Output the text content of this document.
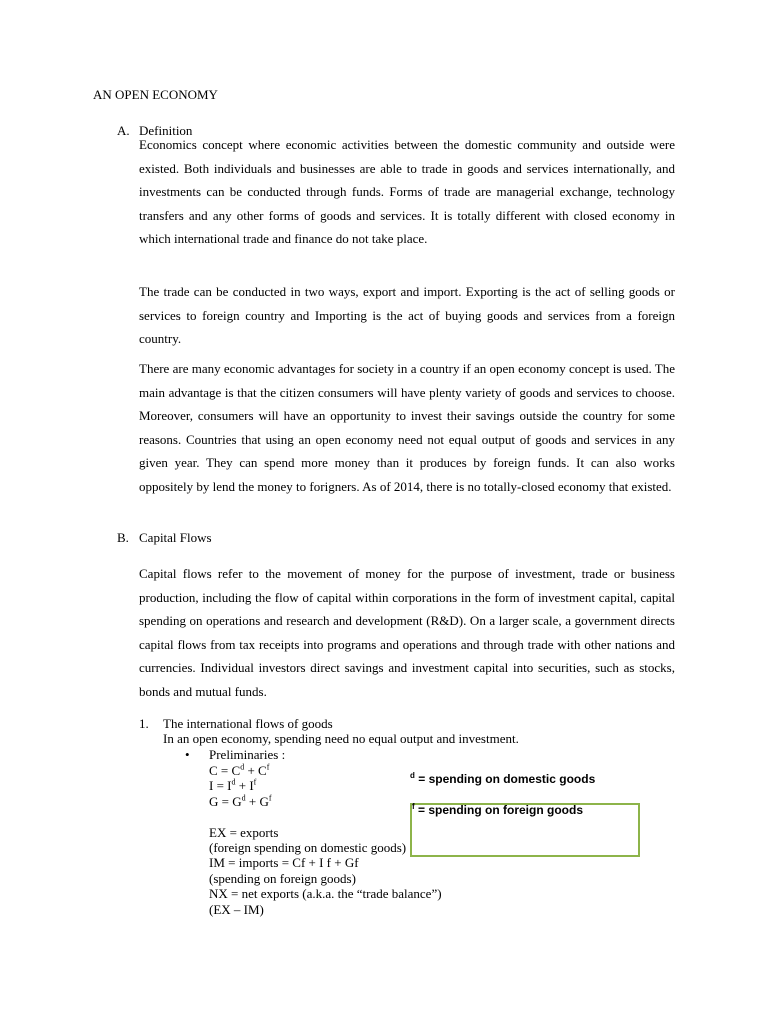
AN OPEN ECONOMY
A. Definition
Economics concept where economic activities between the domestic community and outside were existed. Both individuals and businesses are able to trade in goods and services internationally, and investments can be conducted through funds. Forms of trade are managerial exchange, technology transfers and any other forms of goods and services. It is totally different with closed economy in which international trade and finance do not take place.
The trade can be conducted in two ways, export and import. Exporting is the act of selling goods or services to foreign country and Importing is the act of buying goods and services from a foreign country.
There are many economic advantages for society in a country if an open economy concept is used. The main advantage is that the citizen consumers will have plenty variety of goods and services to choose. Moreover, consumers will have an opportunity to invest their savings outside the country for some reasons. Countries that using an open economy need not equal output of goods and services in any given year. They can spend more money than it produces by foreign funds. It can also works oppositely by lend the money to forigners. As of 2014, there is no totally-closed economy that existed.
B. Capital Flows
Capital flows refer to the movement of money for the purpose of investment, trade or business production, including the flow of capital within corporations in the form of investment capital, capital spending on operations and research and development (R&D). On a larger scale, a government directs capital flows from tax receipts into programs and operations and through trade with other nations and currencies. Individual investors direct savings and investment capital into securities, such as stocks, bonds and mutual funds.
1. The international flows of goods
In an open economy, spending need no equal output and investment.
• Preliminaries :
$C = C^d + C^f$
$I = I^d + I^f$
$G = G^d + G^f$
EX = exports
(foreign spending on domestic goods)
IM = imports = Cf + I f + Gf
(spending on foreign goods)
NX = net exports (a.k.a. the “trade balance”)
(EX – IM)
$^d$ = spending on domestic goods
$^f$ = spending on foreign goods
